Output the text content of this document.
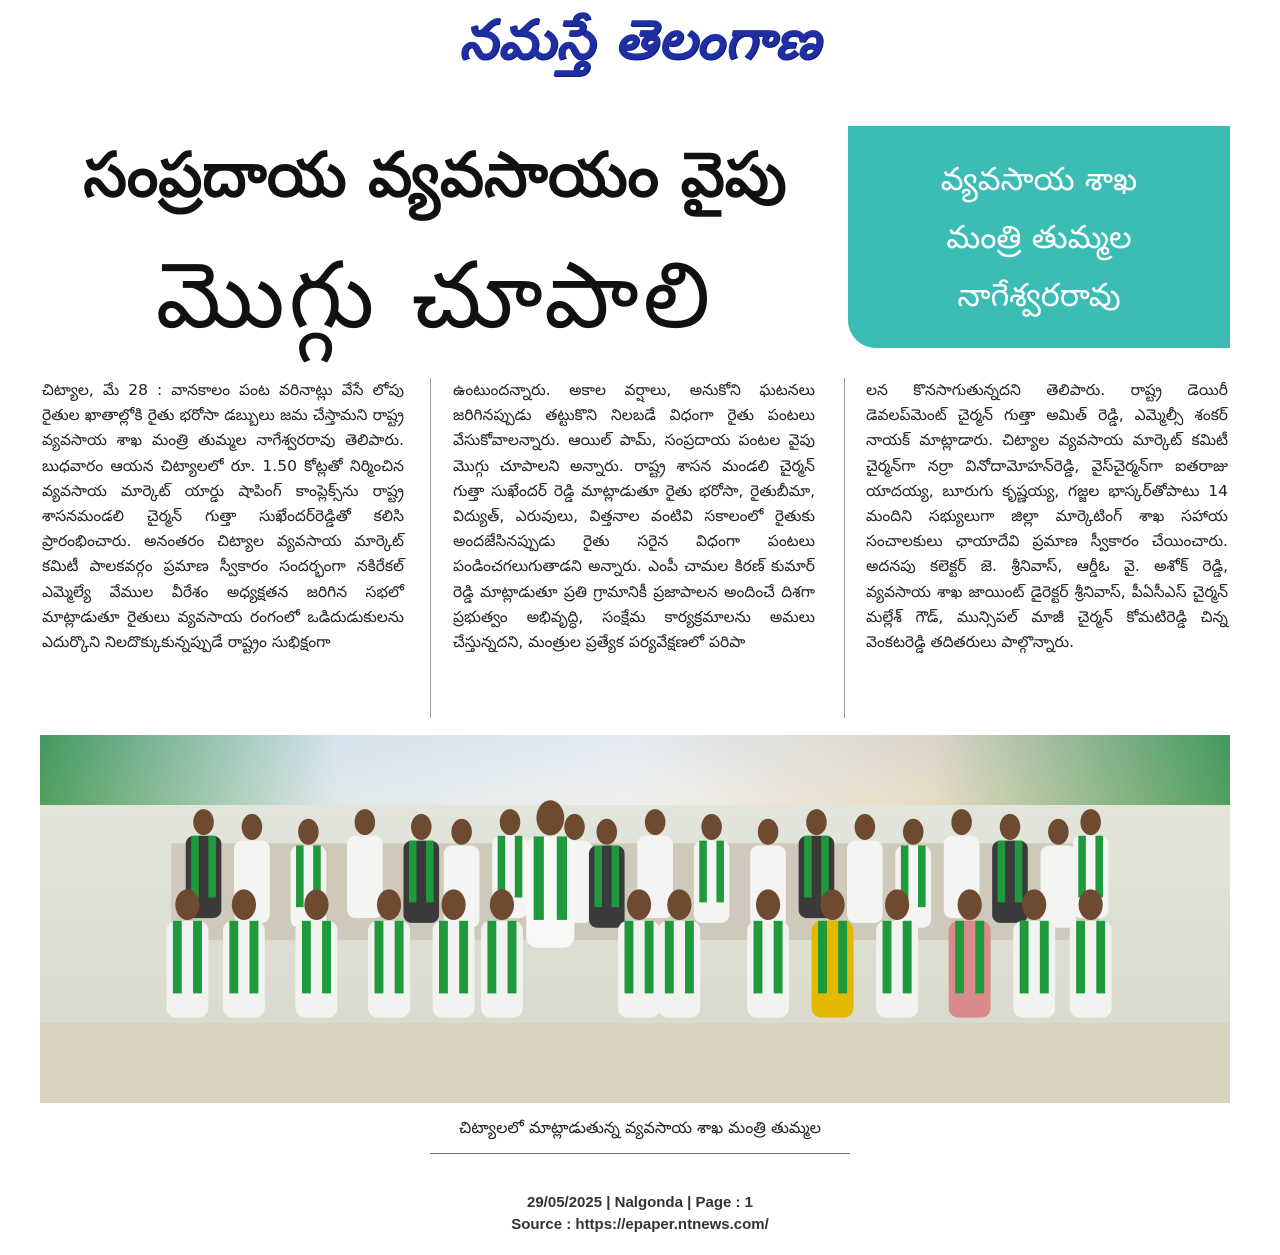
నమస్తే తెలంగాణ
సంప్రదాయ వ్యవసాయం వైపు
మొగ్గు చూపాలి
వ్యవసాయ శాఖ
మంత్రి తుమ్మల
నాగేశ్వరరావు

చిట్యాల, మే 28 : వానకాలం పంట వరినాట్లు వేసే లోపు రైతుల ఖాతాల్లోకి రైతు భరోసా డబ్బులు జమ చేస్తామని రాష్ట్ర వ్యవసాయ శాఖ మంత్రి తుమ్మల నాగేశ్వరరావు తెలిపారు. బుధవారం ఆయన చిట్యాలలో రూ. 1.50 కోట్లతో నిర్మించిన వ్యవసాయ మార్కెట్ యార్డు షాపింగ్ కాంప్లెక్స్‌ను రాష్ట్ర శాసనమండలి చైర్మన్ గుత్తా సుఖేందర్‌రెడ్డితో కలిసి ప్రారంభించారు. అనంతరం చిట్యాల వ్యవసాయ మార్కెట్ కమిటీ పాలకవర్గం ప్రమాణ స్వీకారం సందర్భంగా నకిరేకల్ ఎమ్మెల్యే వేముల వీరేశం అధ్యక్షతన జరిగిన సభలో మాట్లాడుతూ రైతులు వ్యవసాయ రంగంలో ఒడిదుడుకులను ఎదుర్కొని నిలదొక్కుకున్నప్పుడే రాష్ట్రం సుభిక్షంగా

ఉంటుందన్నారు. అకాల వర్షాలు, అనుకోని ఘటనలు జరిగినప్పుడు తట్టుకొని నిలబడే విధంగా రైతు పంటలు వేసుకోవాలన్నారు. ఆయిల్ పామ్, సంప్రదాయ పంటల వైపు మొగ్గు చూపాలని అన్నారు. రాష్ట్ర శాసన మండలి చైర్మన్ గుత్తా సుఖేందర్ రెడ్డి మాట్లాడుతూ రైతు భరోసా, రైతుబీమా, విద్యుత్, ఎరువులు, విత్తనాల వంటివి సకాలంలో రైతుకు అందజేసినప్పుడు రైతు సరైన విధంగా పంటలు పండించగలుగుతాడని అన్నారు. ఎంపీ చామల కిరణ్ కుమార్ రెడ్డి మాట్లాడుతూ ప్రతి గ్రామానికీ ప్రజాపాలన అందించే దిశగా ప్రభుత్వం అభివృద్ధి, సంక్షేమ కార్యక్రమాలను అమలు చేస్తున్నదని, మంత్రుల ప్రత్యేక పర్యవేక్షణలో పరిపా

లన కొనసాగుతున్నదని తెలిపారు. రాష్ట్ర డెయిరీ డెవలప్‌మెంట్ చైర్మన్ గుత్తా అమిత్ రెడ్డి, ఎమ్మెల్సీ శంకర్ నాయక్ మాట్లాడారు. చిట్యాల వ్యవసాయ మార్కెట్ కమిటీ చైర్మన్‌గా నర్రా వినోదామోహన్‌రెడ్డి, వైస్‌చైర్మన్‌గా ఐతరాజు యాదయ్య, బూరుగు కృష్ణయ్య, గజ్జల భాస్కర్‌తోపాటు 14 మందిని సభ్యులుగా జిల్లా మార్కెటింగ్ శాఖ సహాయ సంచాలకులు ఛాయాదేవి ప్రమాణ స్వీకారం చేయించారు. అదనపు కలెక్టర్ జె. శ్రీనివాస్, ఆర్డీఓ వై. అశోక్ రెడ్డి, వ్యవసాయ శాఖ జాయింట్ డైరెక్టర్ శ్రీనివాస్, పీఏసీఎస్ చైర్మన్ మల్లేశ్ గౌడ్, మున్సిపల్ మాజీ చైర్మన్ కోమటిరెడ్డి చిన్న వెంకటరెడ్డి తదితరులు పాల్గొన్నారు.

చిట్యాలలో మాట్లాడుతున్న వ్యవసాయ శాఖ మంత్రి తుమ్మల
29/05/2025 | Nalgonda | Page : 1
Source : https://epaper.ntnews.com/
